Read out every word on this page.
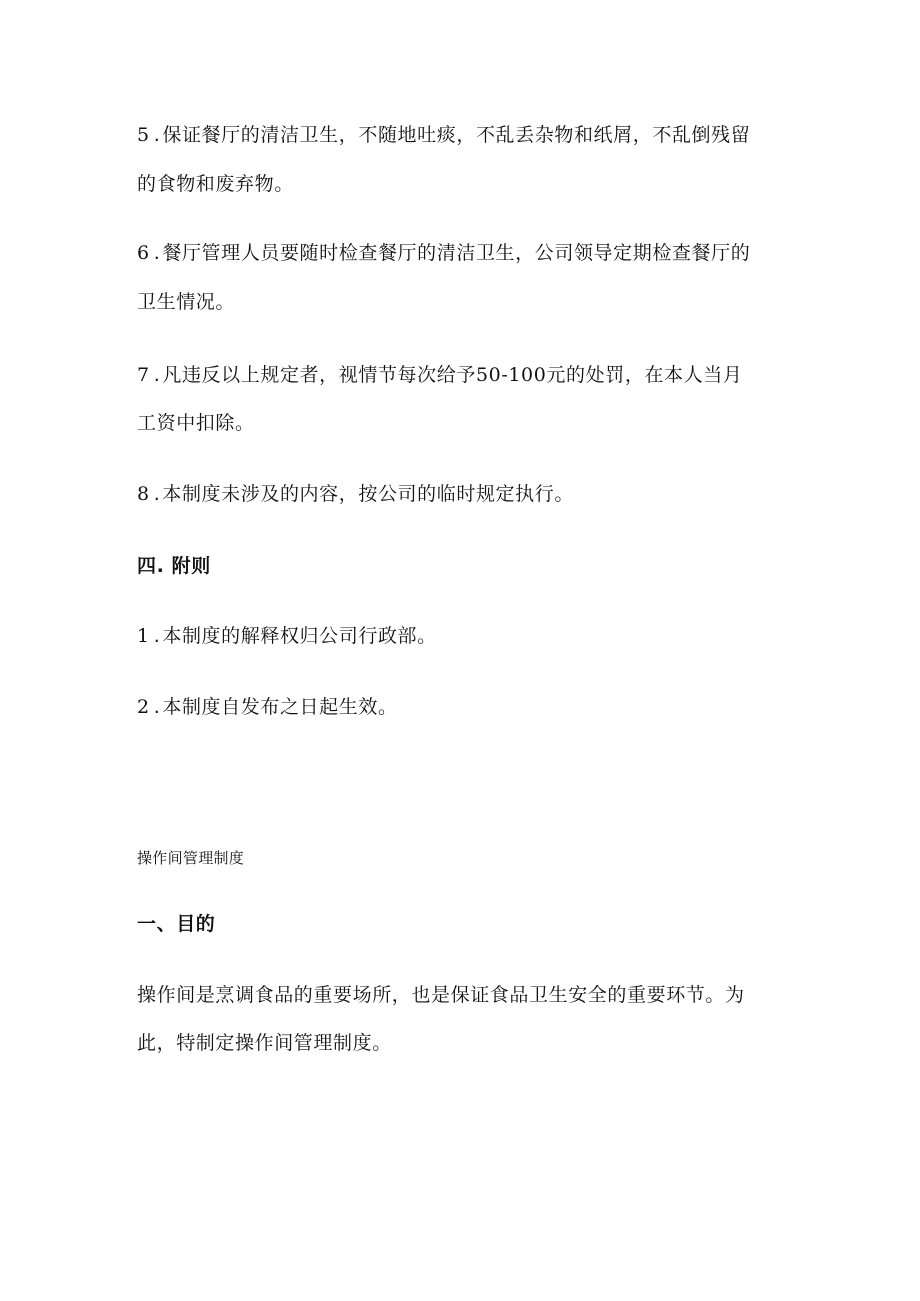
5 . 保证餐厅的清洁卫生，不随地吐痰，不乱丢杂物和纸屑，不乱倒残留

的食物和废弃物。

6 . 餐厅管理人员要随时检查餐厅的清洁卫生，公司领导定期检查餐厅的

卫生情况。

7 . 凡违反以上规定者，视情节每次给予50-100元的处罚，在本人当月

工资中扣除。

8 . 本制度未涉及的内容，按公司的临时规定执行。

四. 附则

1 . 本制度的解释权归公司行政部。

2 . 本制度自发布之日起生效。

操作间管理制度

一、目的

操作间是烹调食品的重要场所，也是保证食品卫生安全的重要环节。为

此，特制定操作间管理制度。
